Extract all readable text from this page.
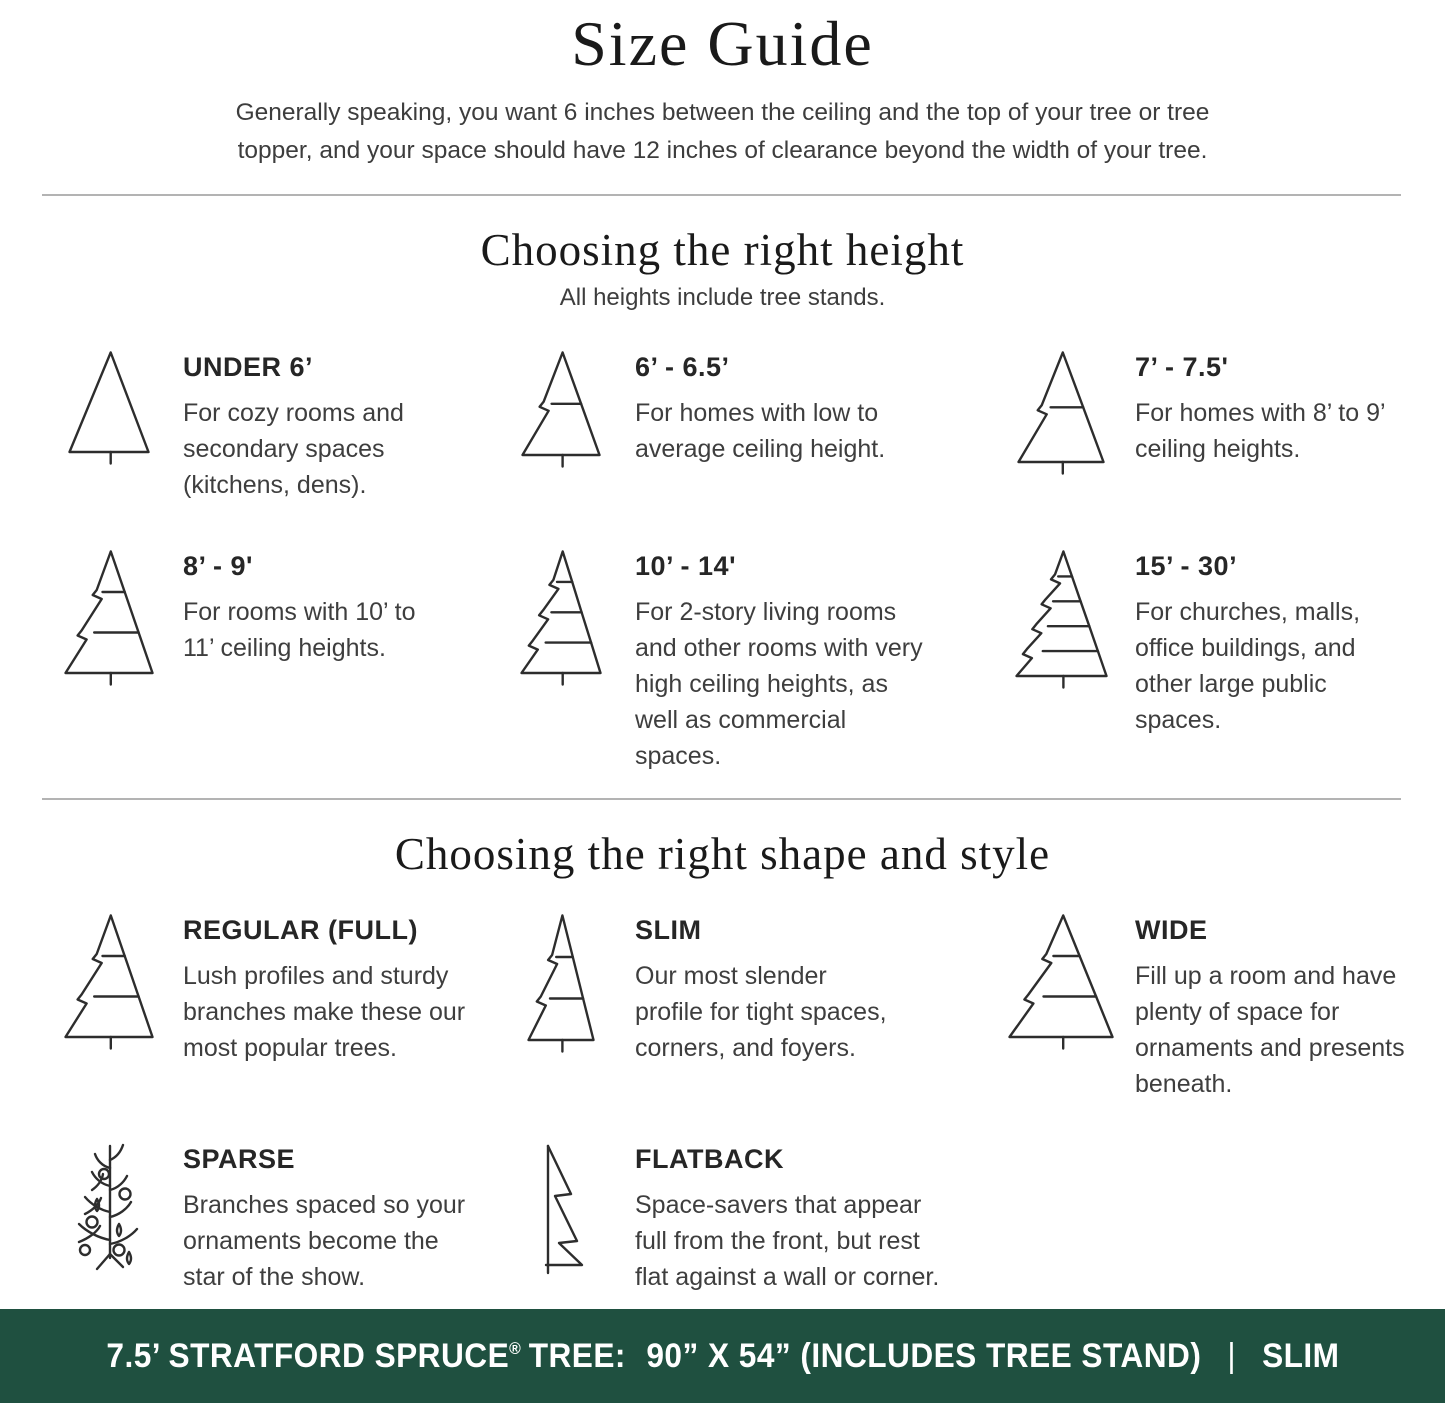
Size Guide

Generally speaking, you want 6 inches between the ceiling and the top of your tree or tree topper, and your space should have 12 inches of clearance beyond the width of your tree.

Choosing the right height

All heights include tree stands.

UNDER 6’

For cozy rooms and secondary spaces (kitchens, dens).

6’ - 6.5’

For homes with low to average ceiling height.

7’ - 7.5'

For homes with 8’ to 9’ ceiling heights.

8’ - 9'

For rooms with 10’ to 11’ ceiling heights.

10’ - 14'

For 2-story living rooms and other rooms with very high ceiling heights, as well as commercial spaces.

15’ - 30’

For churches, malls, office buildings, and other large public spaces.

Choosing the right shape and style
REGULAR (FULL)

Lush profiles and sturdy branches make these our most popular trees.

SLIM

Our most slender profile for tight spaces, corners, and foyers.

WIDE

Fill up a room and have plenty of space for ornaments and presents beneath.

SPARSE

Branches spaced so your ornaments become the star of the show.

FLATBACK

Space-savers that appear full from the front, but rest flat against a wall or corner.

7.5’ STRATFORD SPRUCE® TREE: 90” X 54” (INCLUDES TREE STAND) | SLIM
